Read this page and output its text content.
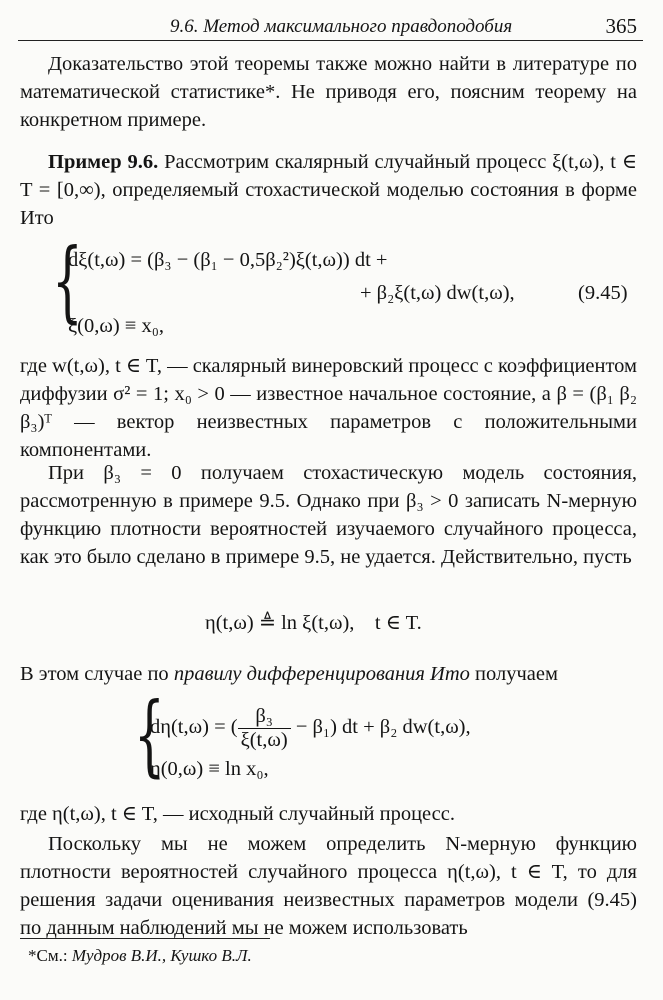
9.6. Метод максимального правдоподобия	365

Доказательство этой теоремы также можно найти в литературе по математической статистике*. Не приводя его, поясним теорему на конкретном примере.

Пример 9.6. Рассмотрим скалярный случайный процесс ξ(t,ω), t ∈ T = [0,∞), определяемый стохастической моделью состояния в форме Ито

{
dξ(t,ω) = (β₃ − (β₁ − 0,5β₂²)ξ(t,ω)) dt +
+ β₂ξ(t,ω) dw(t,ω),
ξ(0,ω) ≡ x₀,
(9.45)

где w(t,ω), t ∈ T, — скалярный винеровский процесс с коэффициентом диффузии σ² = 1; x₀ > 0 — известное начальное состояние, а β = (β₁ β₂ β₃)ᵀ — вектор неизвестных параметров с положительными компонентами.

При β₃ = 0 получаем стохастическую модель состояния, рассмотренную в примере 9.5. Однако при β₃ > 0 записать N-мерную функцию плотности вероятностей изучаемого случайного процесса, как это было сделано в примере 9.5, не удается. Действительно, пусть

η(t,ω) ≜ ln ξ(t,ω),    t ∈ T.

В этом случае по правилу дифференцирования Ито получаем

{
dη(t,ω) = ( $\frac{\text{β₃}}{\xi(t,\omega)} - \beta_1$) dt + β₂ dw(t,ω),
η(0,ω) ≡ ln x₀,

где η(t,ω), t ∈ T, — исходный случайный процесс.

Поскольку мы не можем определить N-мерную функцию плотности вероятностей случайного процесса η(t,ω), t ∈ T, то для решения задачи оценивания неизвестных параметров модели (9.45) по данным наблюдений мы не можем использовать

*См.: Мудров В.И., Кушко В.Л.
